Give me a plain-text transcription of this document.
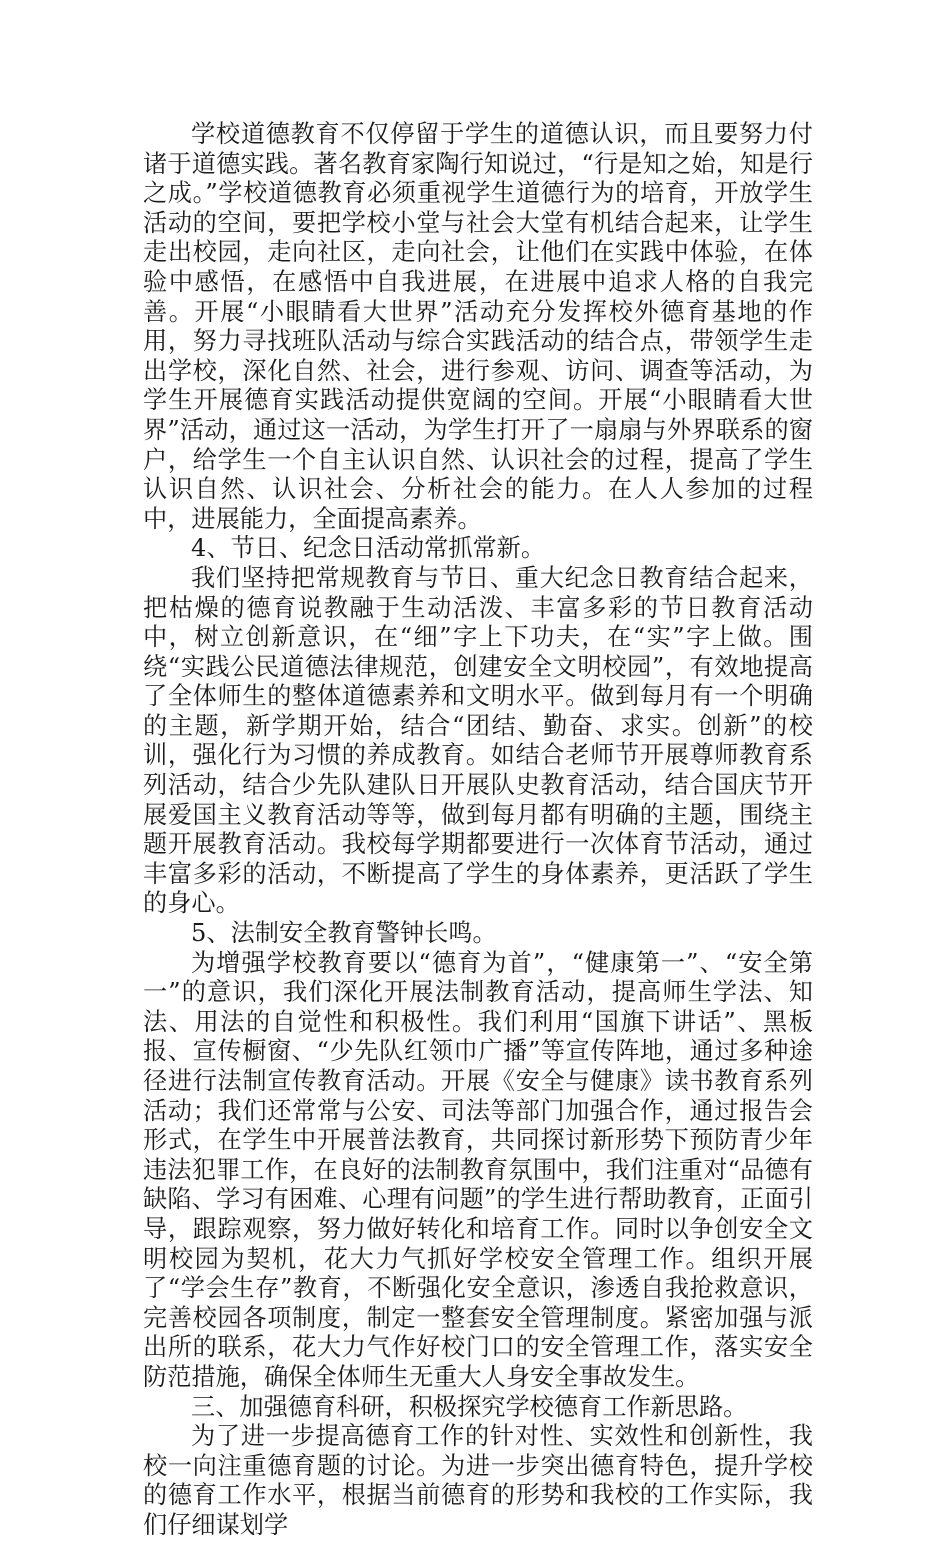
学校道德教育不仅停留于学生的道德认识，而且要努力付诸于道德实践。著名教育家陶行知说过，“行是知之始，知是行之成。”学校道德教育必须重视学生道德行为的培育，开放学生活动的空间，要把学校小堂与社会大堂有机结合起来，让学生走出校园，走向社区，走向社会，让他们在实践中体验，在体验中感悟，在感悟中自我进展，在进展中追求人格的自我完善。开展“小眼睛看大世界”活动充分发挥校外德育基地的作用，努力寻找班队活动与综合实践活动的结合点，带领学生走出学校，深化自然、社会，进行参观、访问、调查等活动，为学生开展德育实践活动提供宽阔的空间。开展“小眼睛看大世界”活动，通过这一活动，为学生打开了一扇扇与外界联系的窗户，给学生一个自主认识自然、认识社会的过程，提高了学生认识自然、认识社会、分析社会的能力。在人人参加的过程中，进展能力，全面提高素养。

4、节日、纪念日活动常抓常新。

我们坚持把常规教育与节日、重大纪念日教育结合起来，把枯燥的德育说教融于生动活泼、丰富多彩的节日教育活动中，树立创新意识，在“细”字上下功夫，在“实”字上做。围绕“实践公民道德法律规范，创建安全文明校园”，有效地提高了全体师生的整体道德素养和文明水平。做到每月有一个明确的主题，新学期开始，结合“团结、勤奋、求实。创新”的校训，强化行为习惯的养成教育。如结合老师节开展尊师教育系列活动，结合少先队建队日开展队史教育活动，结合国庆节开展爱国主义教育活动等等，做到每月都有明确的主题，围绕主题开展教育活动。我校每学期都要进行一次体育节活动，通过丰富多彩的活动，不断提高了学生的身体素养，更活跃了学生的身心。

5、法制安全教育警钟长鸣。

为增强学校教育要以“德育为首”，“健康第一”、“安全第一”的意识，我们深化开展法制教育活动，提高师生学法、知法、用法的自觉性和积极性。我们利用“国旗下讲话”、黑板报、宣传橱窗、“少先队红领巾广播”等宣传阵地，通过多种途径进行法制宣传教育活动。开展《安全与健康》读书教育系列活动；我们还常常与公安、司法等部门加强合作，通过报告会形式，在学生中开展普法教育，共同探讨新形势下预防青少年违法犯罪工作，在良好的法制教育氛围中，我们注重对“品德有缺陷、学习有困难、心理有问题”的学生进行帮助教育，正面引导，跟踪观察，努力做好转化和培育工作。同时以争创安全文明校园为契机，花大力气抓好学校安全管理工作。组织开展了“学会生存”教育，不断强化安全意识，渗透自我抢救意识，完善校园各项制度，制定一整套安全管理制度。紧密加强与派出所的联系，花大力气作好校门口的安全管理工作，落实安全防范措施，确保全体师生无重大人身安全事故发生。

三、加强德育科研，积极探究学校德育工作新思路。

为了进一步提高德育工作的针对性、实效性和创新性，我校一向注重德育题的讨论。为进一步突出德育特色，提升学校的德育工作水平，根据当前德育的形势和我校的工作实际，我们仔细谋划学
